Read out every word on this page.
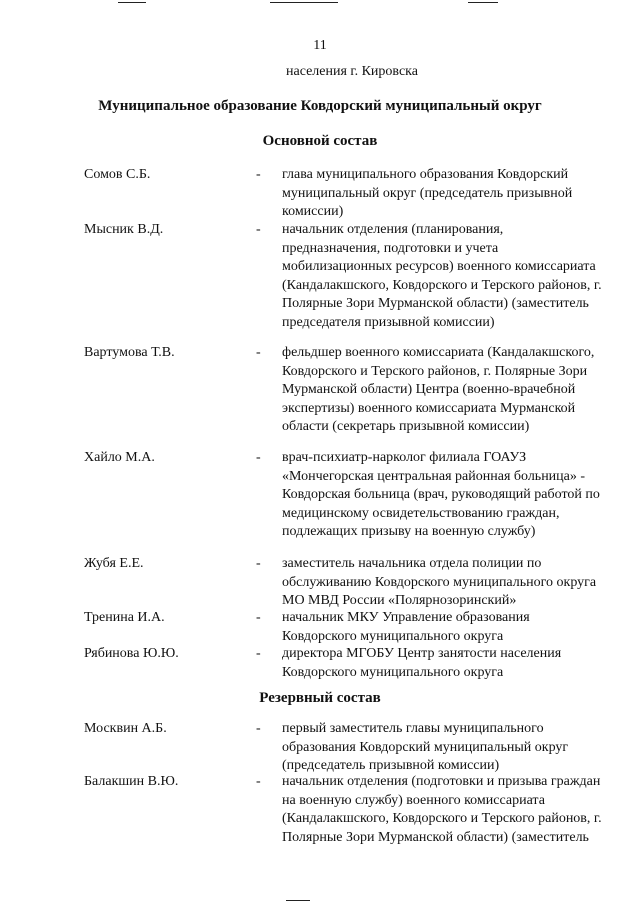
11
населения г. Кировска
Муниципальное образование Ковдорский муниципальный округ
Основной состав
Сомов С.Б.	- глава муниципального образования Ковдорский муниципальный округ (председатель призывной комиссии)
Мысник В.Д.	- начальник отделения (планирования, предназначения, подготовки и учета мобилизационных ресурсов) военного комиссариата (Кандалакшского, Ковдорского и Терского районов, г. Полярные Зори Мурманской области) (заместитель председателя призывной комиссии)
Вартумова Т.В.	- фельдшер военного комиссариата (Кандалакшского, Ковдорского и Терского районов, г. Полярные Зори Мурманской области) Центра (военно-врачебной экспертизы) военного комиссариата Мурманской области (секретарь призывной комиссии)
Хайло М.А.	- врач-психиатр-нарколог филиала ГОАУЗ «Мончегорская центральная районная больница» - Ковдорская больница (врач, руководящий работой по медицинскому освидетельствованию граждан, подлежащих призыву на военную службу)
Жубя Е.Е.	- заместитель начальника отдела полиции по обслуживанию Ковдорского муниципального округа МО МВД России «Полярнозоринский»
Тренина И.А.	- начальник МКУ Управление образования Ковдорского муниципального округа
Рябинова Ю.Ю.	- директора МГОБУ Центр занятости населения Ковдорского муниципального округа
Резервный состав
Москвин А.Б.	- первый заместитель главы муниципального образования Ковдорский муниципальный округ (председатель призывной комиссии)
Балакшин В.Ю.	- начальник отделения (подготовки и призыва граждан на военную службу) военного комиссариата (Кандалакшского, Ковдорского и Терского районов, г. Полярные Зори Мурманской области) (заместитель
